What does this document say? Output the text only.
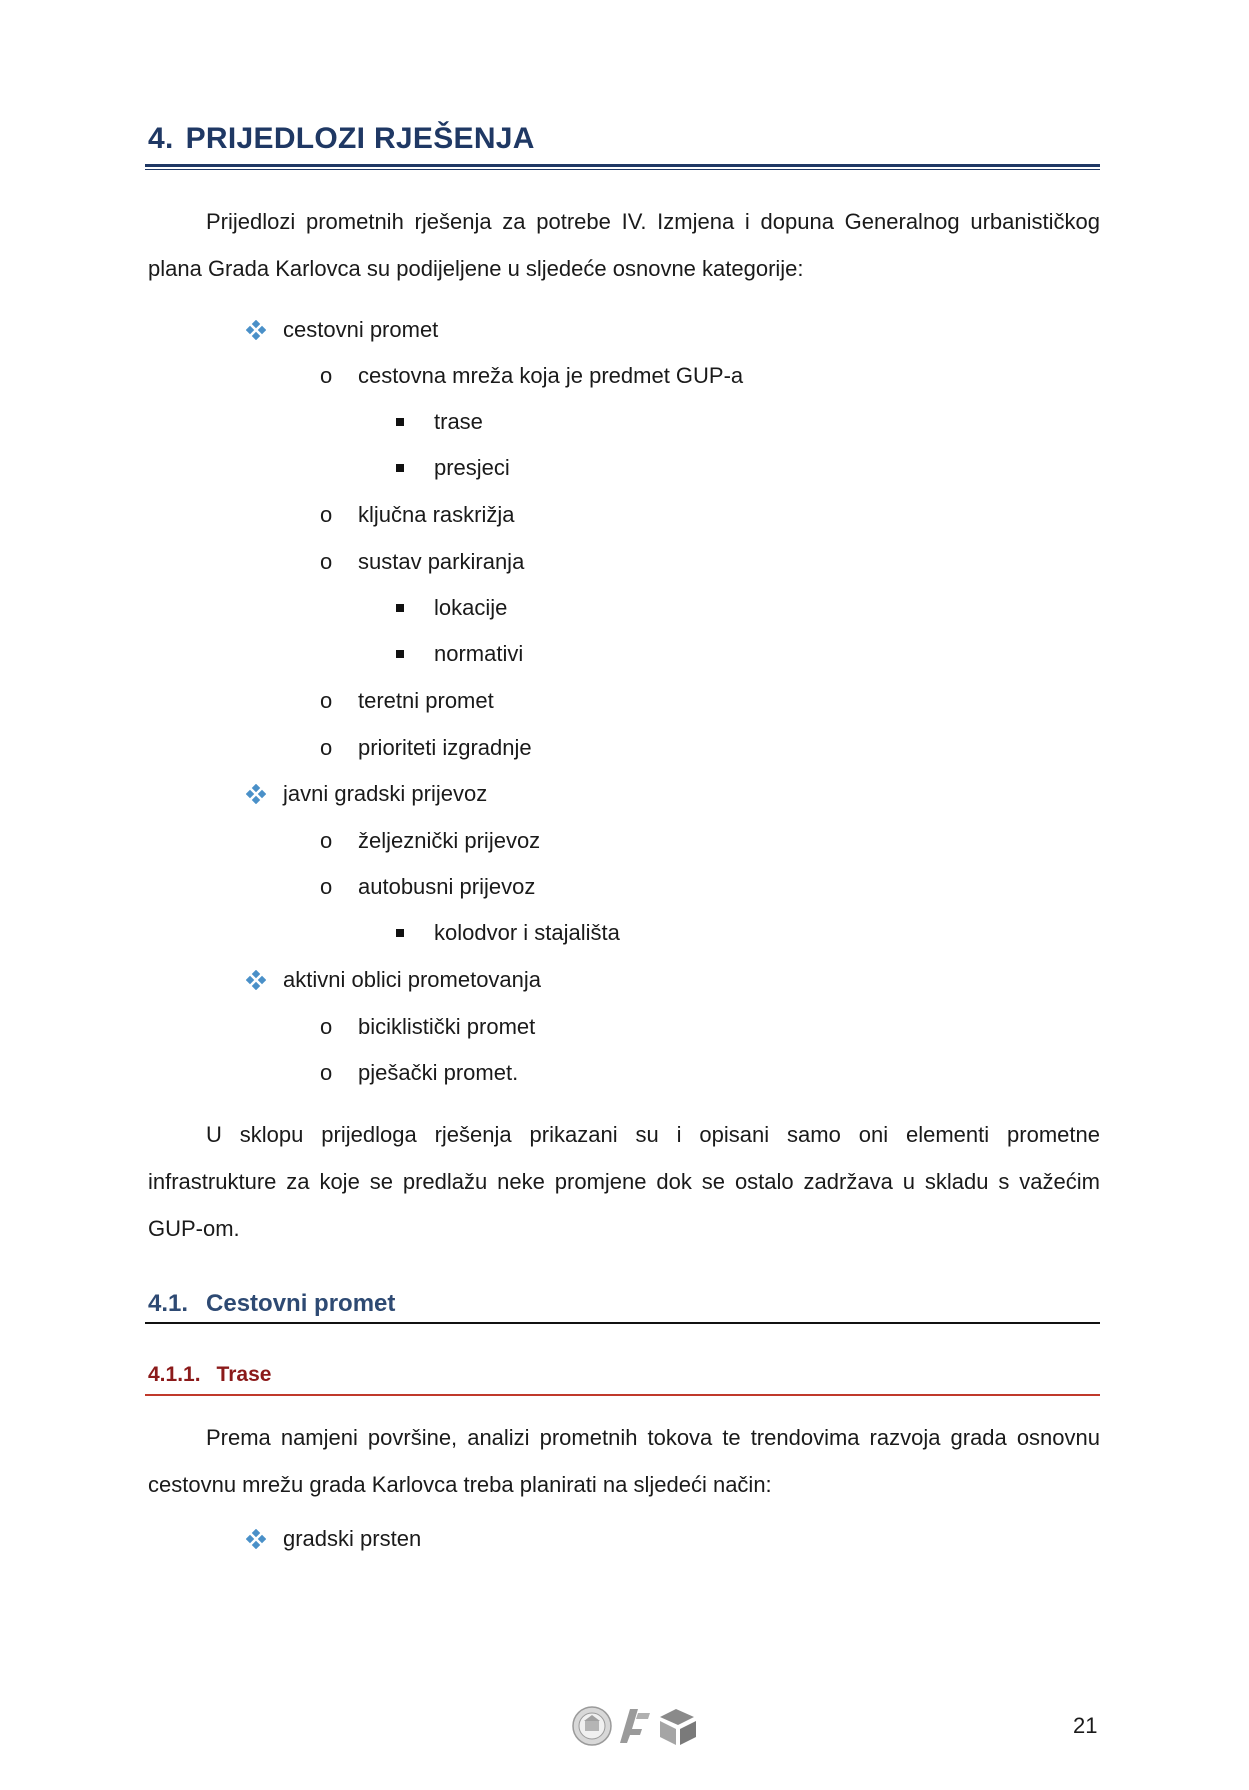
4. PRIJEDLOZI RJEŠENJA

Prijedlozi prometnih rješenja za potrebe IV. Izmjena i dopuna Generalnog urbanističkog plana Grada Karlovca su podijeljene u sljedeće osnovne kategorije:

cestovni promet
o cestovna mreža koja je predmet GUP-a
trase
presjeci
o ključna raskrižja
o sustav parkiranja
lokacije
normativi
o teretni promet
o prioriteti izgradnje
javni gradski prijevoz
o željeznički prijevoz
o autobusni prijevoz
kolodvor i stajališta
aktivni oblici prometovanja
o biciklistički promet
o pješački promet.

U sklopu prijedloga rješenja prikazani su i opisani samo oni elementi prometne infrastrukture za koje se predlažu neke promjene dok se ostalo zadržava u skladu s važećim GUP-om.

4.1. Cestovni promet
4.1.1. Trase

Prema namjeni površine, analizi prometnih tokova te trendovima razvoja grada osnovnu cestovnu mrežu grada Karlovca treba planirati na sljedeći način:

gradski prsten
21
